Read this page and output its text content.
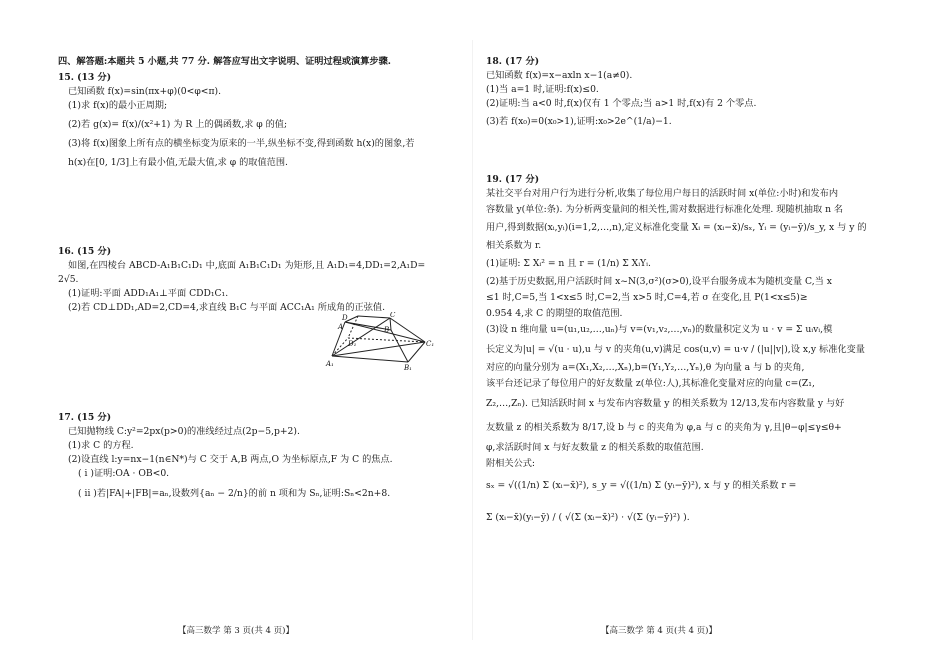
四、解答题:本题共 5 小题,共 77 分. 解答应写出文字说明、证明过程或演算步骤.
15. (13 分)
已知函数 f(x)=sin(πx+φ)(0<φ<π).
(1)求 f(x)的最小正周期;
(2)若 g(x)= f(x)/(x²+1) 为 R 上的偶函数,求 φ 的值;
(3)将 f(x)图象上所有点的横坐标变为原来的一半,纵坐标不变,得到函数 h(x)的图象,若
h(x)在[0, 1/3]上有最小值,无最大值,求 φ 的取值范围.
16. (15 分)
如图,在四棱台 ABCD-A₁B₁C₁D₁ 中,底面 A₁B₁C₁D₁ 为矩形,且 A₁D₁=4,DD₁=2,A₁D=
2√5.
(1)证明:平面 ADD₁A₁⊥平面 CDD₁C₁.
(2)若 CD⊥DD₁,AD=2,CD=4,求直线 B₁C 与平面 ACC₁A₁ 所成角的正弦值.
D	C
A	B
D₁	C₁
A₁	B₁
17. (15 分)
已知抛物线 C:y²=2px(p>0)的准线经过点(2p−5,p+2).
(1)求 C 的方程.
(2)设直线 l:y=nx−1(n∈N*)与 C 交于 A,B 两点,O 为坐标原点,F 为 C 的焦点.
( i )证明:OA · OB<0.
( ii )若|FA|+|FB|=aₙ,设数列{aₙ − 2/n}的前 n 项和为 Sₙ,证明:Sₙ<2n+8.
【高三数学 第 3 页(共 4 页)】
18. (17 分)
已知函数 f(x)=x−axln x−1(a≠0).
(1)当 a=1 时,证明:f(x)≤0.
(2)证明:当 a<0 时,f(x)仅有 1 个零点;当 a>1 时,f(x)有 2 个零点.
(3)若 f(x₀)=0(x₀>1),证明:x₀>2e^(1/a)−1.
19. (17 分)
某社交平台对用户行为进行分析,收集了每位用户每日的活跃时间 x(单位:小时)和发布内
容数量 y(单位:条). 为分析两变量间的相关性,需对数据进行标准化处理. 现随机抽取 n 名
用户,得到数据(xᵢ,yᵢ)(i=1,2,…,n),定义标准化变量 Xᵢ = (xᵢ−x̄)/sₓ, Yᵢ = (yᵢ−ȳ)/s_y, x 与 y 的
相关系数为 r.
(1)证明: Σ Xᵢ² = n 且 r = (1/n) Σ XᵢYᵢ.
(2)基于历史数据,用户活跃时间 x~N(3,σ²)(σ>0),设平台服务成本为随机变量 C,当 x
≤1 时,C=5,当 1<x≤5 时,C=2,当 x>5 时,C=4,若 σ 在变化,且 P(1<x≤5)≥
0.954 4,求 C 的期望的取值范围.
(3)设 n 维向量 u=(u₁,u₂,…,uₙ)与 v=(v₁,v₂,…,vₙ)的数量积定义为 u · v = Σ uᵢvᵢ,模
长定义为|u| = √(u · u),u 与 v 的夹角(u,v)满足 cos(u,v) = u·v / (|u||v|),设 x,y 标准化变量
对应的向量分别为 a=(X₁,X₂,…,Xₙ),b=(Y₁,Y₂,…,Yₙ),θ 为向量 a 与 b 的夹角,
该平台还记录了每位用户的好友数量 z(单位:人),其标准化变量对应的向量 c=(Z₁,
Z₂,…,Zₙ). 已知活跃时间 x 与发布内容数量 y 的相关系数为 12/13,发布内容数量 y 与好
友数量 z 的相关系数为 8/17,设 b 与 c 的夹角为 φ,a 与 c 的夹角为 γ,且|θ−φ|≤γ≤θ+
φ,求活跃时间 x 与好友数量 z 的相关系数的取值范围.
附相关公式:
sₓ = √((1/n) Σ (xᵢ−x̄)²), s_y = √((1/n) Σ (yᵢ−ȳ)²), x 与 y 的相关系数 r =
Σ (xᵢ−x̄)(yᵢ−ȳ) / ( √(Σ (xᵢ−x̄)²) · √(Σ (yᵢ−ȳ)²) ).
【高三数学 第 4 页(共 4 页)】
